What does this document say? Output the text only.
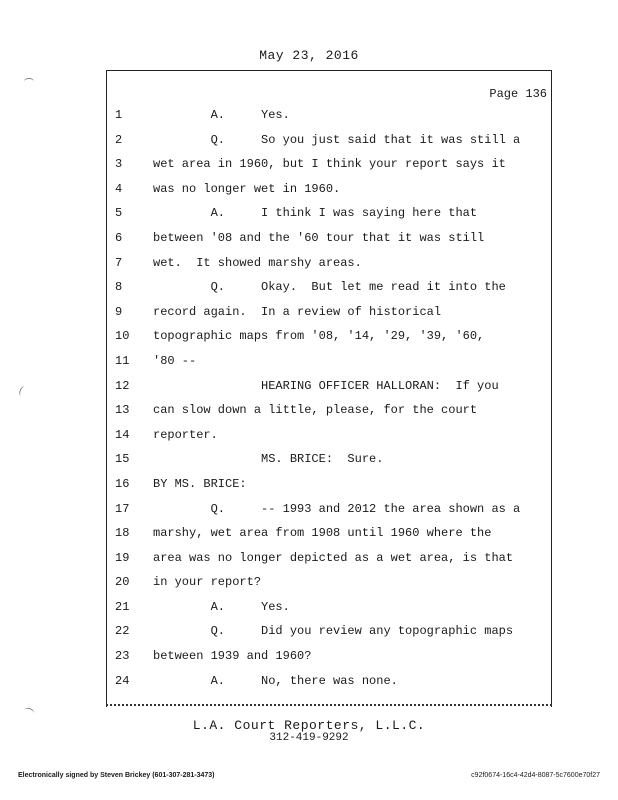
May 23, 2016
Page 136
1	A.     Yes.
2	Q.     So you just said that it was still a
3	wet area in 1960, but I think your report says it
4	was no longer wet in 1960.
5	A.     I think I was saying here that
6	between '08 and the '60 tour that it was still
7	wet.  It showed marshy areas.
8	Q.     Okay.  But let me read it into the
9	record again.  In a review of historical
10	topographic maps from '08, '14, '29, '39, '60,
11	'80 --
12	HEARING OFFICER HALLORAN:  If you
13	can slow down a little, please, for the court
14	reporter.
15	MS. BRICE:  Sure.
16	BY MS. BRICE:
17	Q.     -- 1993 and 2012 the area shown as a
18	marshy, wet area from 1908 until 1960 where the
19	area was no longer depicted as a wet area, is that
20	in your report?
21	A.     Yes.
22	Q.     Did you review any topographic maps
23	between 1939 and 1960?
24	A.     No, there was none.
L.A. Court Reporters, L.L.C.
312-419-9292
Electronically signed by Steven Brickey (601-307-281-3473)	c92f0674-16c4-42d4-8087-5c7600e70f27
